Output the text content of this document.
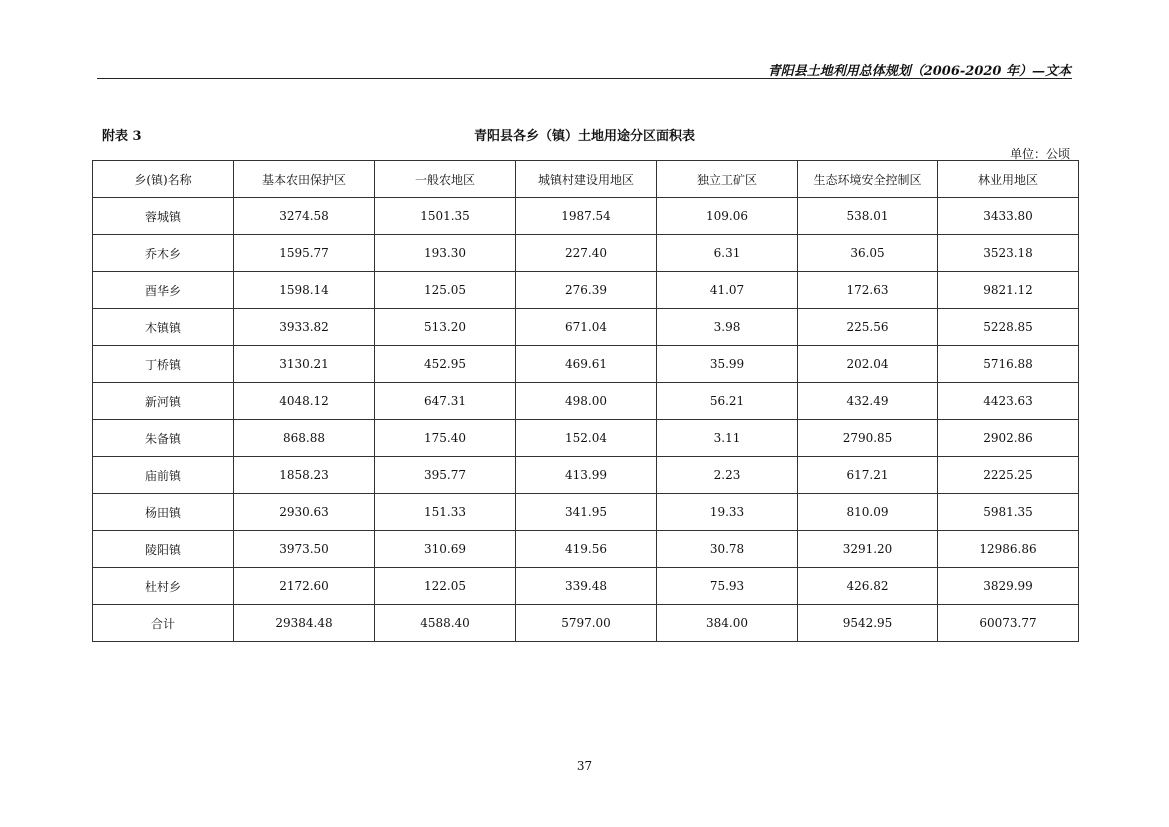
青阳县土地利用总体规划（2006-2020 年）—文本
附表 3	青阳县各乡（镇）土地用途分区面积表
单位：公顷
乡(镇)名称	基本农田保护区	一般农地区	城镇村建设用地区	独立工矿区	生态环境安全控制区	林业用地区
蓉城镇	3274.58	1501.35	1987.54	109.06	538.01	3433.80
乔木乡	1595.77	193.30	227.40	6.31	36.05	3523.18
酉华乡	1598.14	125.05	276.39	41.07	172.63	9821.12
木镇镇	3933.82	513.20	671.04	3.98	225.56	5228.85
丁桥镇	3130.21	452.95	469.61	35.99	202.04	5716.88
新河镇	4048.12	647.31	498.00	56.21	432.49	4423.63
朱备镇	868.88	175.40	152.04	3.11	2790.85	2902.86
庙前镇	1858.23	395.77	413.99	2.23	617.21	2225.25
杨田镇	2930.63	151.33	341.95	19.33	810.09	5981.35
陵阳镇	3973.50	310.69	419.56	30.78	3291.20	12986.86
杜村乡	2172.60	122.05	339.48	75.93	426.82	3829.99
合计	29384.48	4588.40	5797.00	384.00	9542.95	60073.77
37
